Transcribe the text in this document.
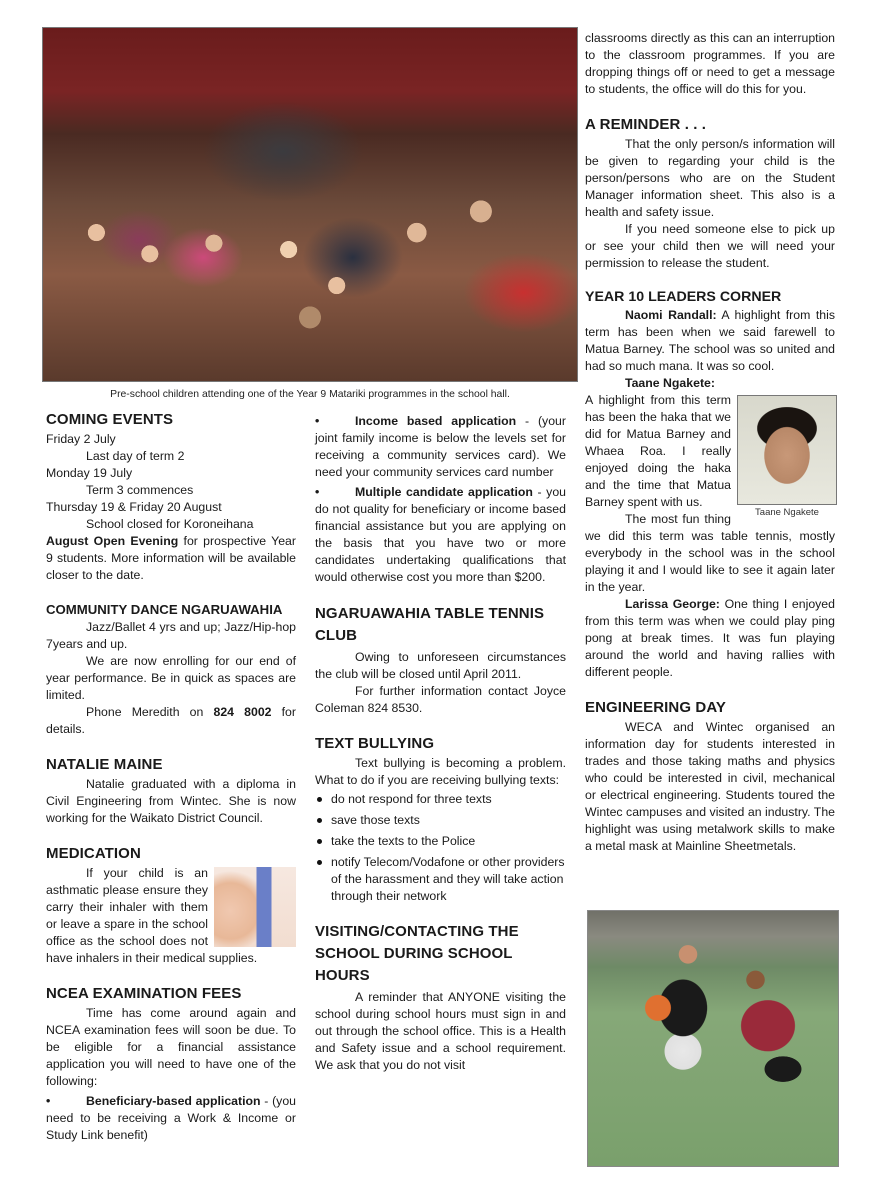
Pre-school children attending one of the Year 9 Matariki programmes in the school hall.
COMING EVENTS

Friday 2 July

Last day of term 2

Monday 19 July

Term 3 commences

Thursday 19 & Friday 20 August

School closed for Koroneihana

August Open Evening for prospective Year 9 students. More information will be available closer to the date.

COMMUNITY DANCE NGARUAWAHIA

Jazz/Ballet 4 yrs and up; Jazz/Hip-hop 7years and up.

We are now enrolling for our end of year performance. Be in quick as spaces are limited.

Phone Meredith on 824 8002 for details.

NATALIE MAINE

Natalie graduated with a diploma in Civil Engineering from Wintec. She is now working for the Waikato District Council.

MEDICATION

If your child is an asthmatic please ensure they carry their inhaler with them or leave a spare in the school office as the school does not have inhalers in their medical supplies.

NCEA EXAMINATION FEES

Time has come around again and NCEA examination fees will soon be due. To be eligible for a financial assistance application you will need to have one of the following:

•	Beneficiary-based application - (you need to be receiving a Work & Income or Study Link benefit)

•	Income based application - (your joint family income is below the levels set for receiving a community services card). We need your community services card number

•	Multiple candidate application - you do not quality for beneficiary or income based financial assistance but you are applying on the basis that you have two or more candidates undertaking qualifications that would otherwise cost you more than $200.

NGARUAWAHIA TABLE TENNIS CLUB

Owing to unforeseen circumstances the club will be closed until April 2011.

For further information contact Joyce Coleman 824 8530.

TEXT BULLYING

Text bullying is becoming a problem. What to do if you are receiving bullying texts:

do not respond for three texts
save those texts
take the texts to the Police
notify Telecom/Vodafone or other providers of the harassment and they will take action through their network
VISITING/CONTACTING THE SCHOOL DURING SCHOOL HOURS

A reminder that ANYONE visiting the school during school hours must sign in and out through the school office. This is a Health and Safety issue and a school requirement. We ask that you do not visit

classrooms directly as this can an interruption to the classroom programmes. If you are dropping things off or need to get a message to students, the office will do this for you.

A REMINDER . . .

That the only person/s information will be given to regarding your child is the person/persons who are on the Student Manager information sheet. This also is a health and safety issue.

If you need someone else to pick up or see your child then we will need your permission to release the student.

YEAR 10 LEADERS CORNER

Naomi Randall: A highlight from this term has been when we said farewell to Matua Barney. The school was so united and had so much mana. It was so cool.

Taane Ngakete:

Taane Ngakete

A highlight from this term has been the haka that we did for Matua Barney and Whaea Roa. I really enjoyed doing the haka and the time that Matua Barney spent with us.

The most fun thing we did this term was table tennis, mostly everybody in the school was in the school playing it and I would like to see it again later in the year.

Larissa George: One thing I enjoyed from this term was when we could play ping pong at break times. It was fun playing around the world and having rallies with different people.

ENGINEERING DAY

WECA and Wintec organised an information day for students interested in trades and those taking maths and physics who could be interested in civil, mechanical or electrical engineering. Students toured the Wintec campuses and visited an industry. The highlight was using metalwork skills to make a metal mask at Mainline Sheetmetals.
